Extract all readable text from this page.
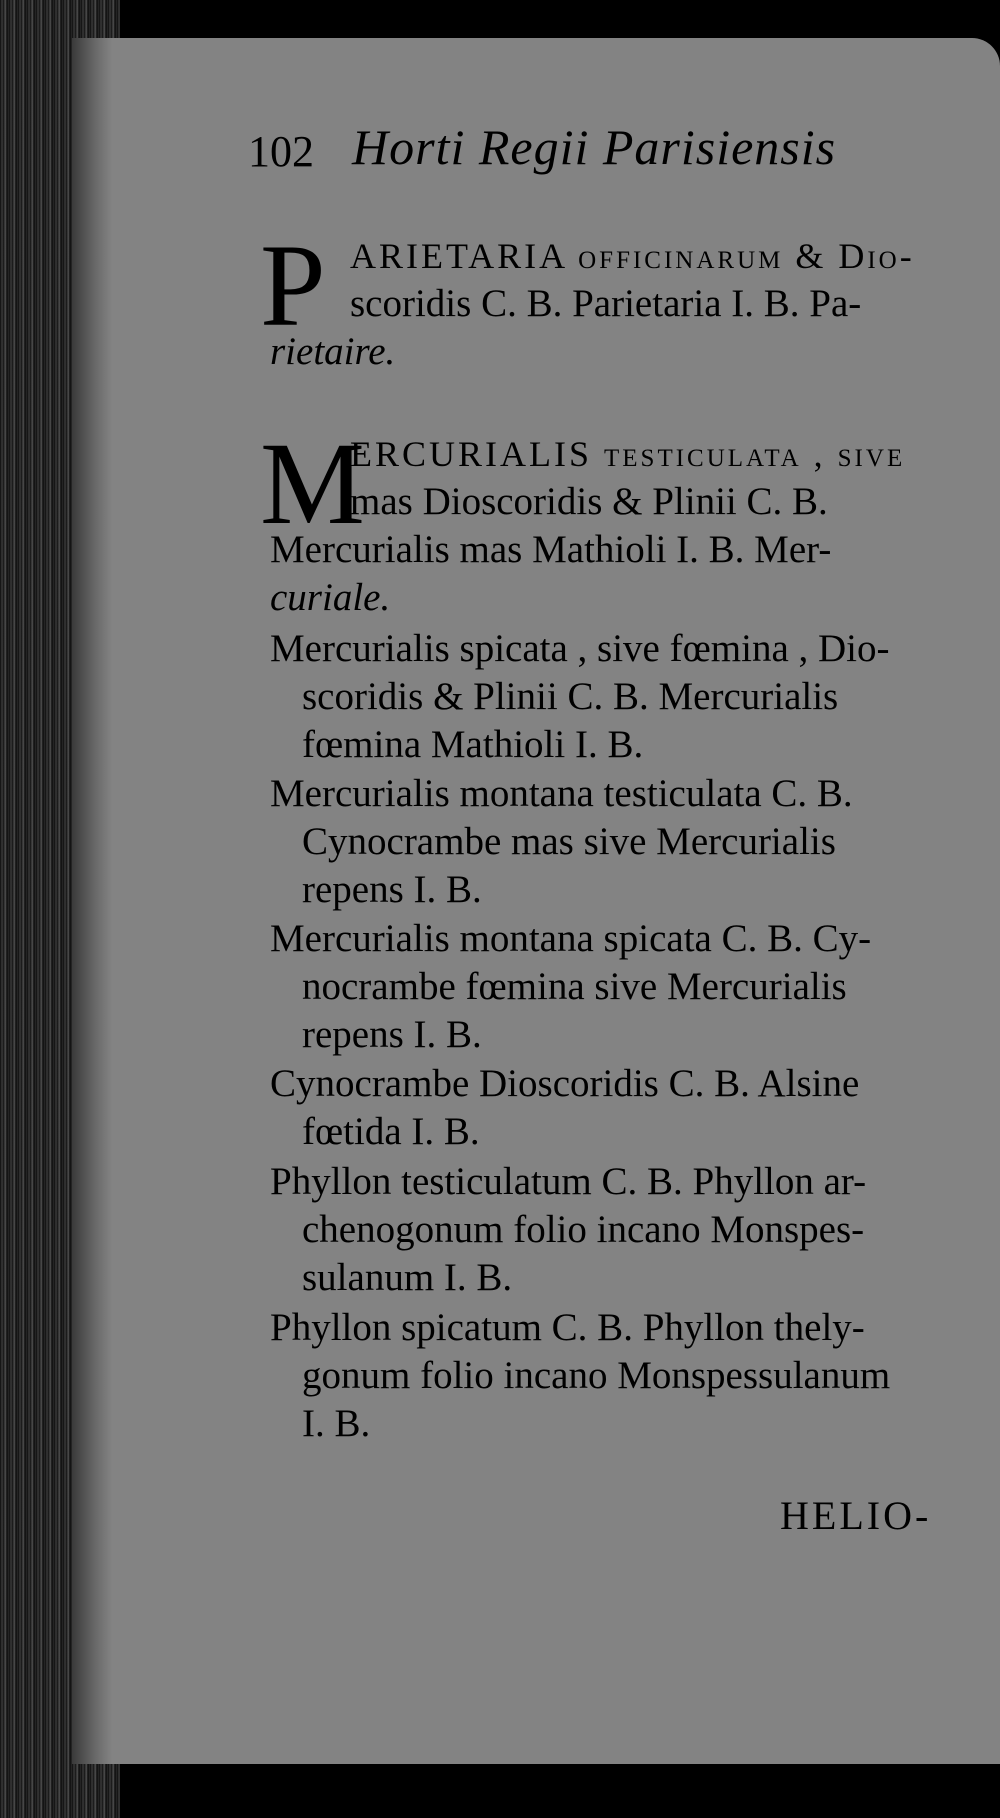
102 Horti Regii Parisiensis
P ARIETARIA officinarum & Dio-
scoridis C. B. Parietaria I. B. Pa-
rietaire.
M
ERCURIALIS testiculata , sive
mas Dioscoridis & Plinii C. B.
Mercurialis mas Mathioli I. B. Mer-
curiale.
Mercurialis spicata , sive fœmina , Dio-
scoridis & Plinii C. B. Mercurialis
fœmina Mathioli I. B.
Mercurialis montana testiculata C. B.
Cynocrambe mas sive Mercurialis
repens I. B.
Mercurialis montana spicata C. B. Cy-
nocrambe fœmina sive Mercurialis
repens I. B.
Cynocrambe Dioscoridis C. B. Alsine
fœtida I. B.
Phyllon testiculatum C. B. Phyllon ar-
chenogonum folio incano Monspes-
sulanum I. B.
Phyllon spicatum C. B. Phyllon thely-
gonum folio incano Monspessulanum
I. B.
HELIO-
